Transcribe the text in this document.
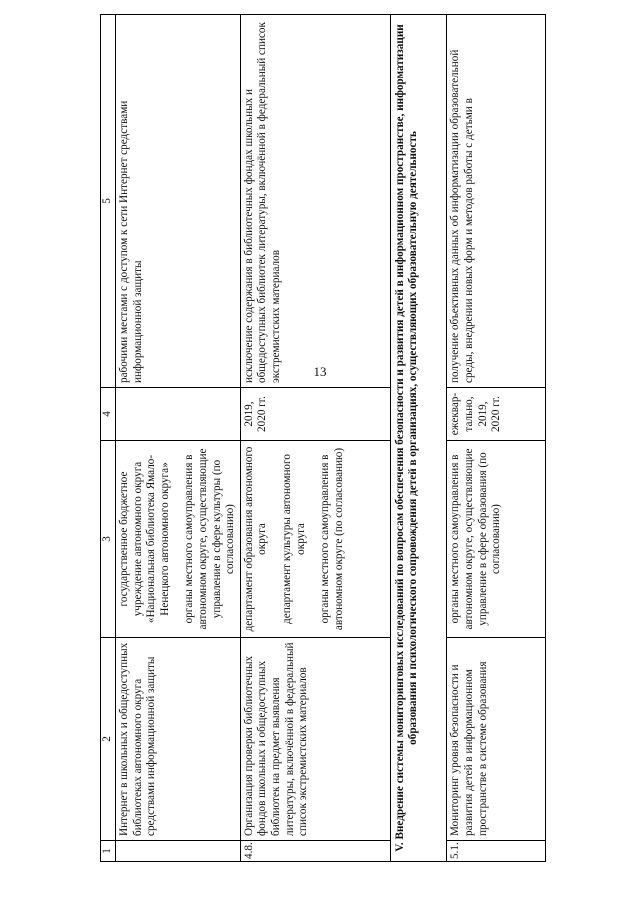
13
1	2	3	4	5
	Интернет в школьных и общедоступных библиотеках автономного округа средствами информационной защиты	государственное бюджетное учреждение автономного округа «Национальная библиотека Ямало-Ненецкого автономного округа» органы местного самоуправления в автономном округе, осуществляющие управление в сфере культуры (по согласованию)		рабочими местами с доступом к сети Интернет средствами информационной защиты
4.8.	Организация проверки библиотечных фондов школьных и общедоступных библиотек на предмет выявления литературы, включённой в федеральный список экстремистских материалов	департамент образования автономного округа департамент культуры автономного округа органы местного самоуправления в автономном округе (по согласованию)	2019, 2020 гг.	исключение содержания в библиотечных фондах школьных и общедоступных библиотек литературы, включённой в федеральный список экстремистских материалов
V. Внедрение системы мониторинговых исследований по вопросам обеспечения безопасности и развития детей в информационном пространстве, информатизации образования и психологического сопровождения детей в организациях, осуществляющих образовательную деятельность				
5.1.	Мониторинг уровня безопасности и развития детей в информационном пространстве в системе образования	органы местного самоуправления в автономном округе, осуществляющие управление в сфере образования (по согласованию)	ежеквар-тально, 2019, 2020 гг.	получение объективных данных об информатизации образовательной среды, внедрении новых форм и методов работы с детьми в
